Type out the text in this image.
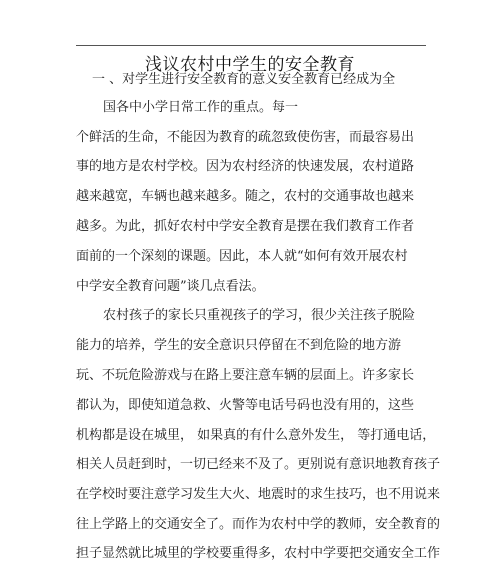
浅议农村中学生的安全教育
一 、对学生进行安全教育的意义安全教育已经成为全
国各中小学日常工作的重点。每一
个鲜活的生命，不能因为教育的疏忽致使伤害，而最容易出
事的地方是农村学校。因为农村经济的快速发展，农村道路
越来越宽，车辆也越来越多。随之，农村的交通事故也越来
越多。为此，抓好农村中学安全教育是摆在我们教育工作者
面前的一个深刻的课题。因此，本人就“如何有效开展农村
中学安全教育问题”谈几点看法。
农村孩子的家长只重视孩子的学习，很少关注孩子脱险
能力的培养，学生的安全意识只停留在不到危险的地方游
玩、不玩危险游戏与在路上要注意车辆的层面上。许多家长
都认为，即使知道急救、火警等电话号码也没有用的，这些
机构都是设在城里， 如果真的有什么意外发生， 等打通电话，
相关人员赶到时，一切已经来不及了。更别说有意识地教育孩子
在学校时要注意学习发生大火、地震时的求生技巧，也不用说来
往上学路上的交通安全了。而作为农村中学的教师，安全教育的
担子显然就比城里的学校要重得多，农村中学要把交通安全工作
